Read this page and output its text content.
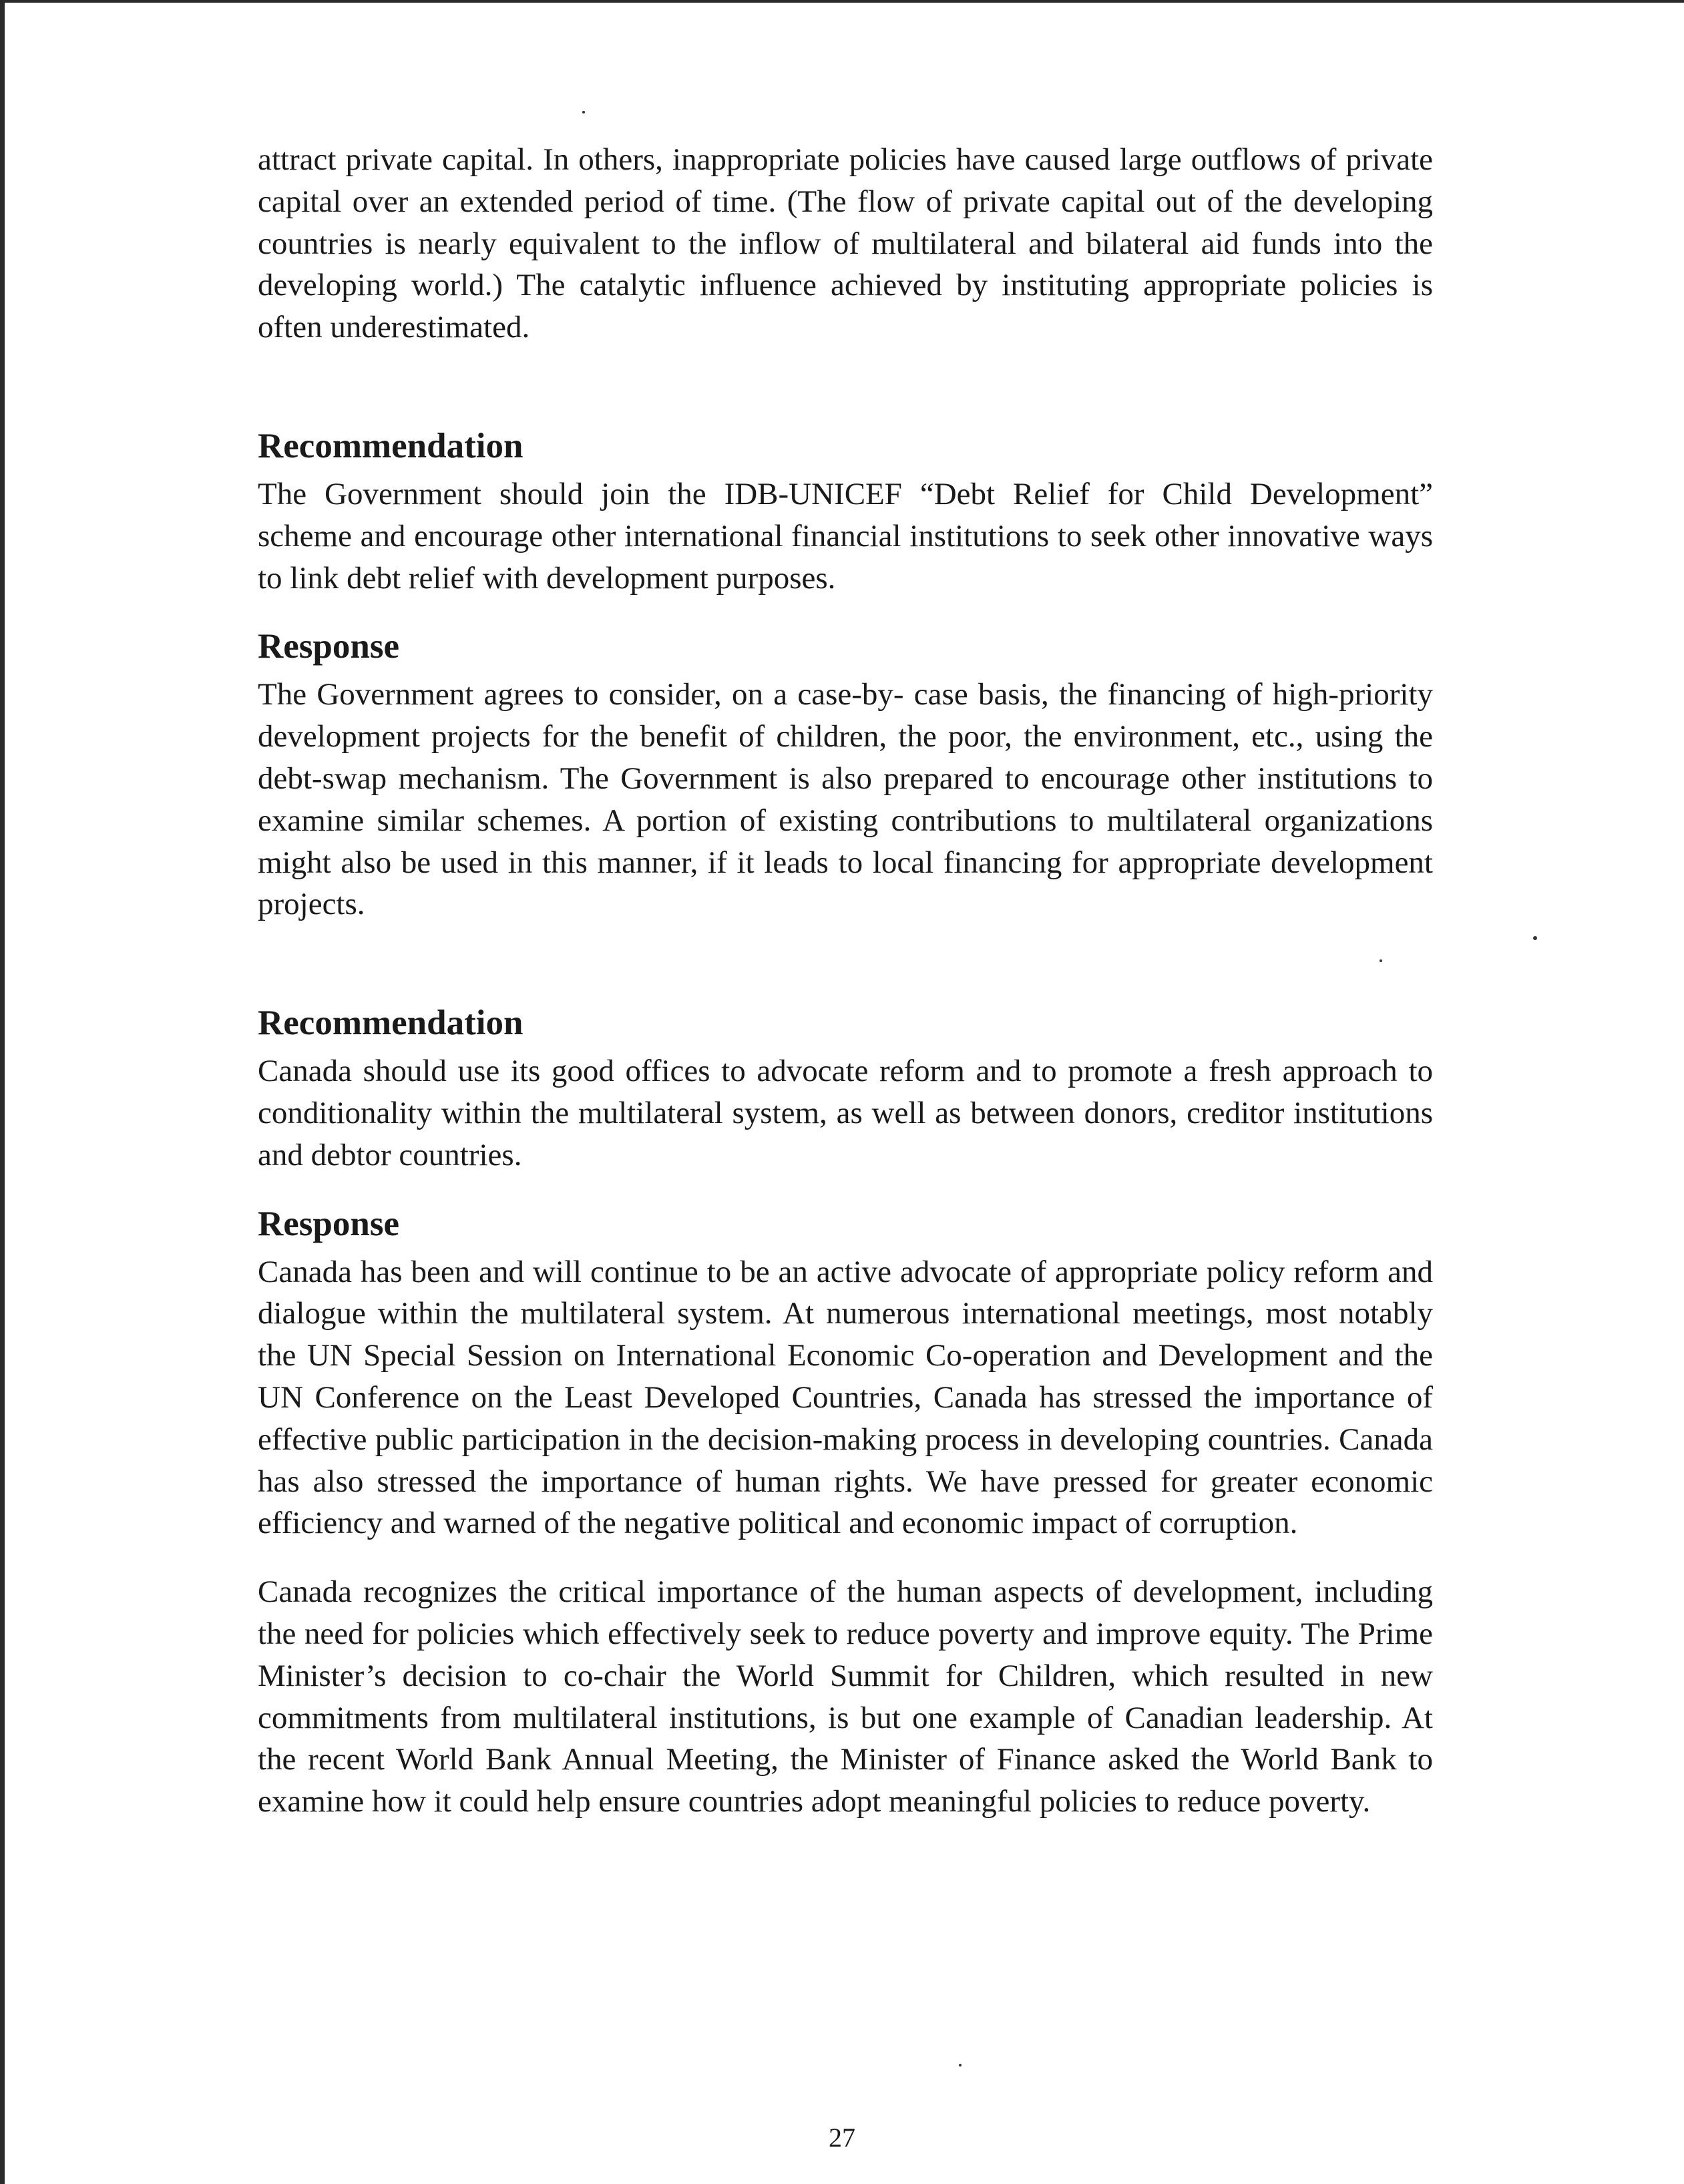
attract private capital. In others, inappropriate policies have caused large outflows of private capital over an extended period of time. (The flow of private capital out of the developing countries is nearly equivalent to the inflow of multilateral and bilateral aid funds into the developing world.) The catalytic influence achieved by instituting appropriate policies is often underestimated.

Recommendation

The Government should join the IDB-UNICEF “Debt Relief for Child Development” scheme and encourage other international financial institutions to seek other innovative ways to link debt relief with development purposes.

Response

The Government agrees to consider, on a case-by- case basis, the financing of high-priority development projects for the benefit of children, the poor, the environment, etc., using the debt-swap mechanism. The Government is also prepared to encourage other institutions to examine similar schemes. A portion of existing contributions to multilateral organizations might also be used in this manner, if it leads to local financing for appropriate development projects.

Recommendation

Canada should use its good offices to advocate reform and to promote a fresh approach to conditionality within the multilateral system, as well as between donors, creditor institutions and debtor countries.

Response

Canada has been and will continue to be an active advocate of appropriate policy reform and dialogue within the multilateral system. At numerous international meetings, most notably the UN Special Session on International Economic Co-operation and Development and the UN Conference on the Least Developed Countries, Canada has stressed the importance of effective public participation in the decision-making process in developing countries. Canada has also stressed the importance of human rights. We have pressed for greater economic efficiency and warned of the negative political and economic impact of corruption.

Canada recognizes the critical importance of the human aspects of development, including the need for policies which effectively seek to reduce poverty and improve equity. The Prime Minister’s decision to co-chair the World Summit for Children, which resulted in new commitments from multilateral institutions, is but one example of Canadian leadership. At the recent World Bank Annual Meeting, the Minister of Finance asked the World Bank to examine how it could help ensure countries adopt meaningful policies to reduce poverty.

27
